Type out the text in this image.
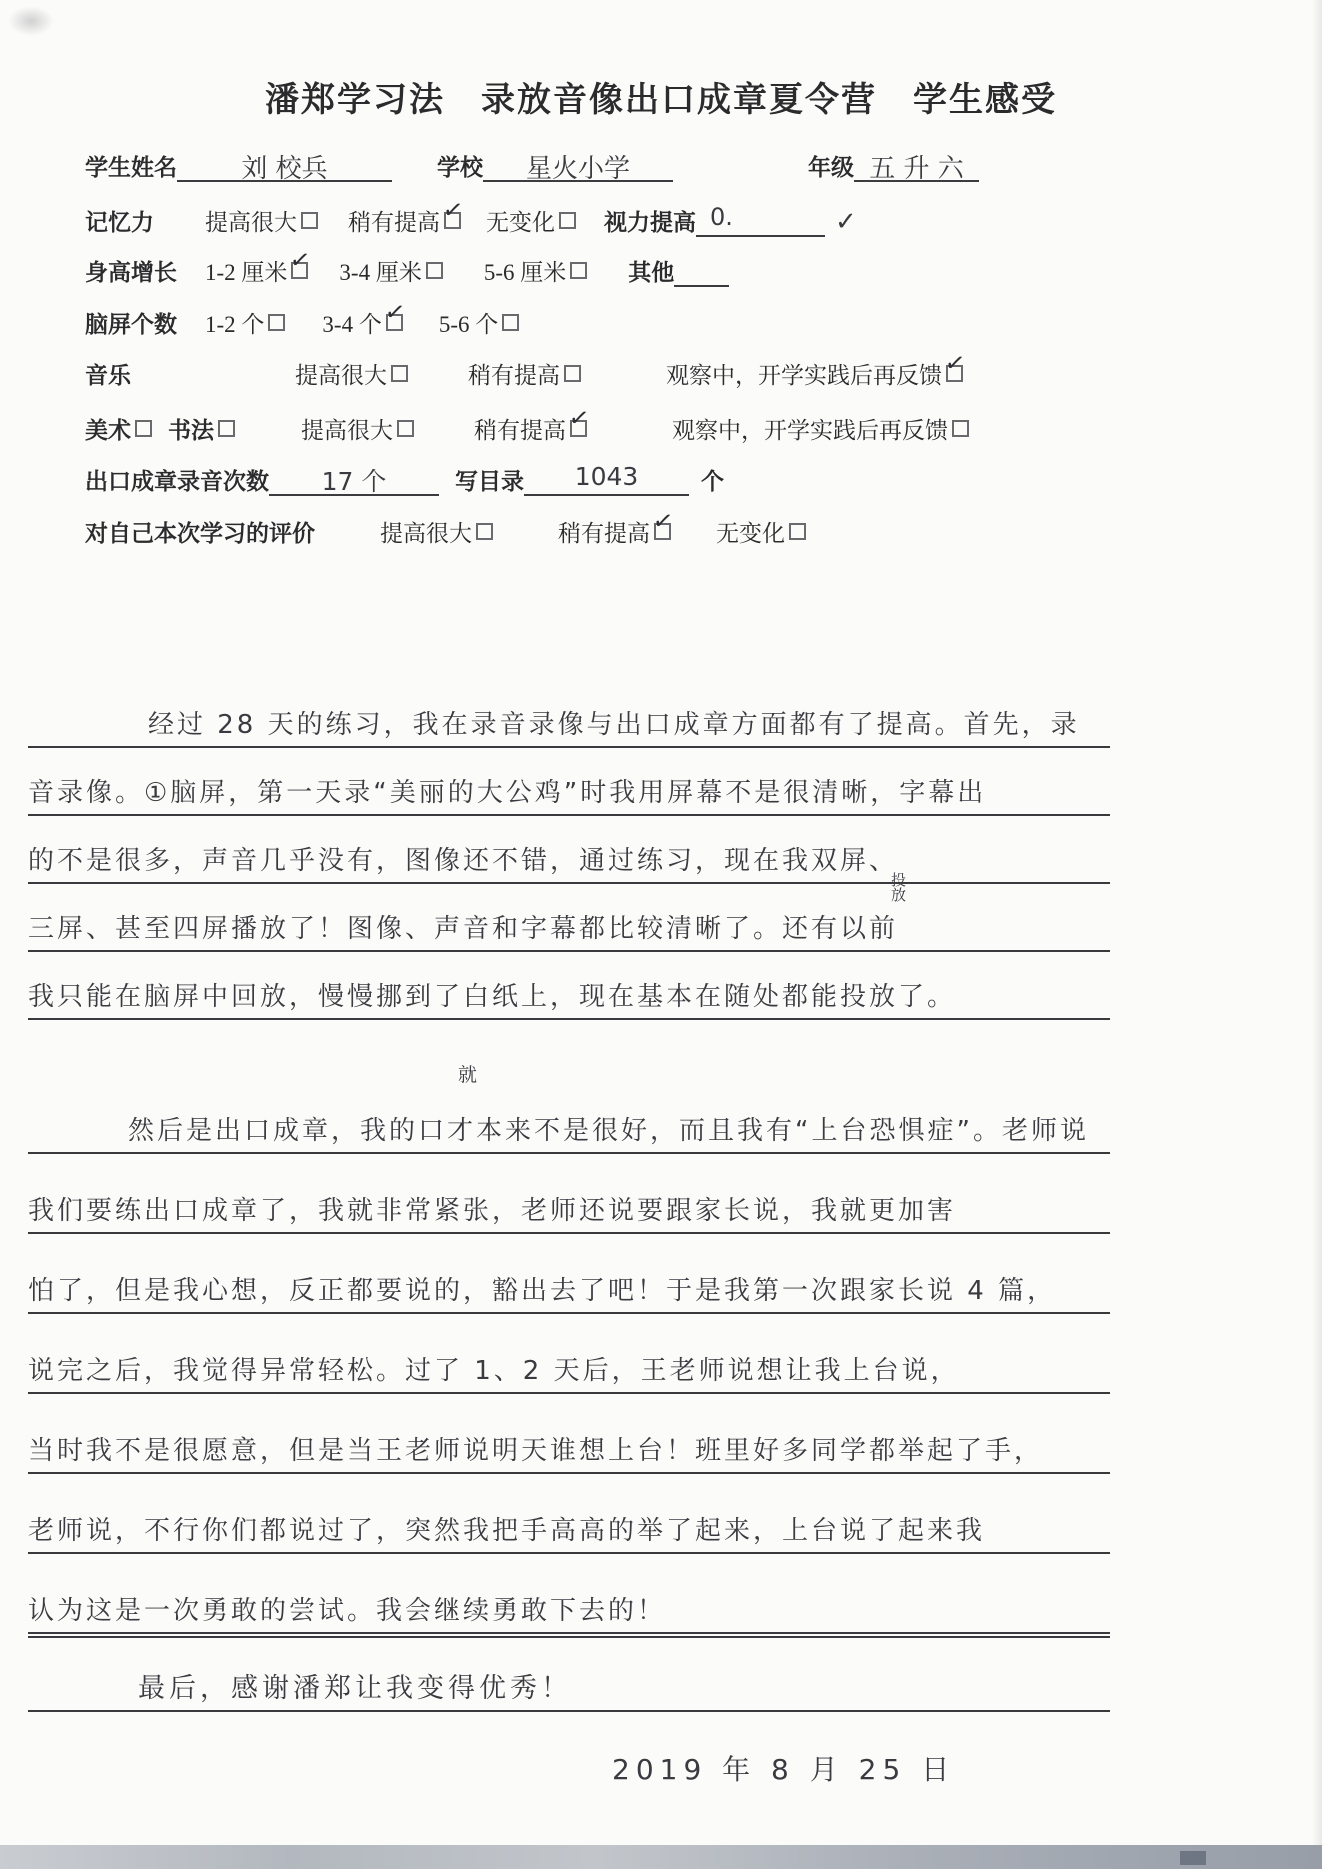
潘郑学习法　录放音像出口成章夏令营　学生感受
学生姓名	刘 校兵	学校	星火小学	年级 五 升 六
记忆力 提高很大	稍有提高 ✓ 无变化	视力提高 0.	✓
身高增长 1-2 厘米 ✓ 3-4 厘米	5-6 厘米	其他
脑屏个数 1-2 个	3-4 个 ✓ 5-6 个
音乐	提高很大	稍有提高	观察中，开学实践后再反馈 ✓
美术	书法	提高很大	稍有提高 ✓	观察中，开学实践后再反馈
出口成章录音次数	17 个	写目录	1043	个
对自己本次学习的评价	提高很大	稍有提高 ✓ 无变化
经过 28 天的练习，我在录音录像与出口成章方面都有了提高。首先，录
音录像。①脑屏，第一天录“美丽的大公鸡”时我用屏幕不是很清晰，字幕出
的不是很多，声音几乎没有，图像还不错，通过练习，现在我双屏、
投放
三屏、甚至四屏播放了！图像、声音和字幕都比较清晰了。还有以前
我只能在脑屏中回放，慢慢挪到了白纸上，现在基本在随处都能投放了。
就
然后是出口成章，我的口才本来不是很好，而且我有“上台恐惧症”。老师说
我们要练出口成章了，我就非常紧张，老师还说要跟家长说，我就更加害
怕了，但是我心想，反正都要说的，豁出去了吧！于是我第一次跟家长说 4 篇，
说完之后，我觉得异常轻松。过了 1、2 天后，王老师说想让我上台说，
当时我不是很愿意，但是当王老师说明天谁想上台！班里好多同学都举起了手，
老师说，不行你们都说过了，突然我把手高高的举了起来，上台说了起来我
认为这是一次勇敢的尝试。我会继续勇敢下去的！
最后，感谢潘郑让我变得优秀！
2019 年 8 月 25 日
